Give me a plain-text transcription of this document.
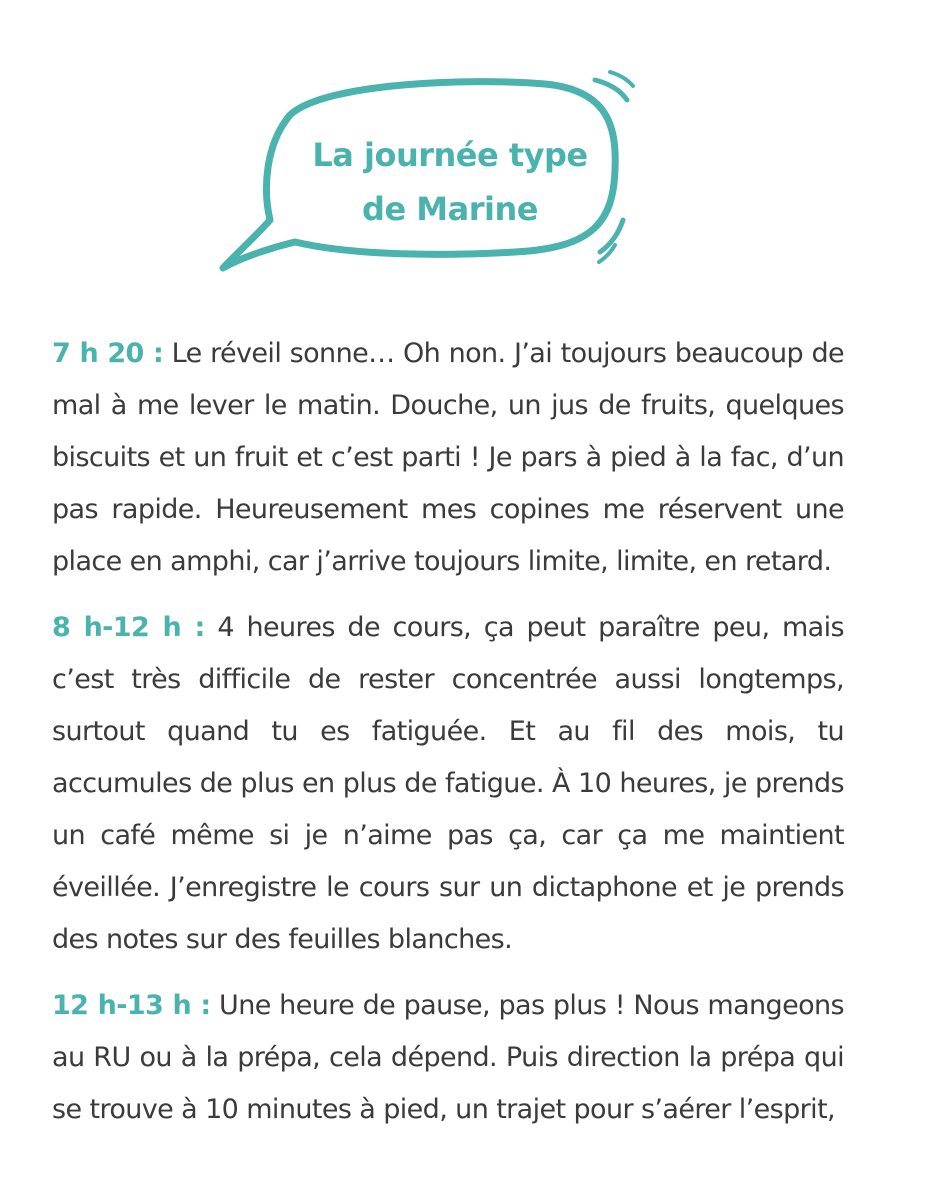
La journée type
de Marine

7 h 20 : Le réveil sonne… Oh non. J’ai toujours beaucoup de mal à me lever le matin. Douche, un jus de fruits, quelques biscuits et un fruit et c’est parti ! Je pars à pied à la fac, d’un pas rapide. Heureusement mes copines me réservent une place en amphi, car j’arrive toujours limite, limite, en retard.

8 h-12 h : 4 heures de cours, ça peut paraître peu, mais c’est très difficile de rester concentrée aussi longtemps, surtout quand tu es fatiguée. Et au fil des mois, tu accumules de plus en plus de fatigue. À 10 heures, je prends un café même si je n’aime pas ça, car ça me maintient éveillée. J’enregistre le cours sur un dictaphone et je prends des notes sur des feuilles blanches.

12 h-13 h : Une heure de pause, pas plus ! Nous mangeons au RU ou à la prépa, cela dépend. Puis direction la prépa qui se trouve à 10 minutes à pied, un trajet pour s’aérer l’esprit,
